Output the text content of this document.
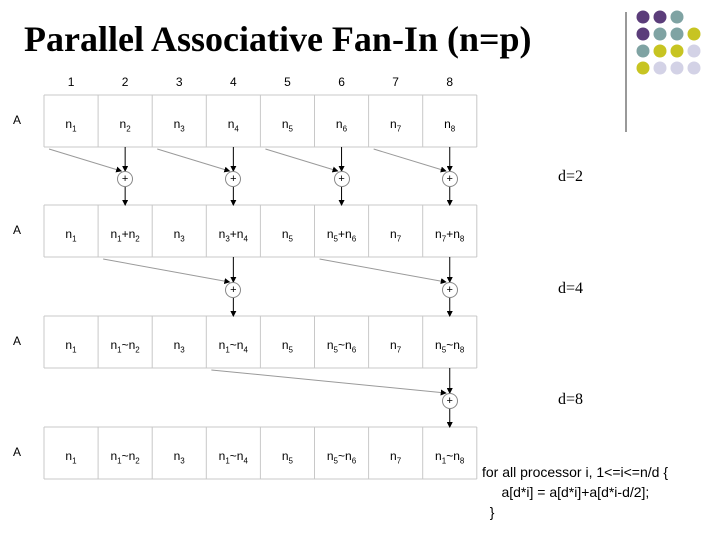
Parallel Associative Fan-In (n=p)
1	2	3	4	5	6	7	8
A	$n_1$	$n_2$	$n_3$	$n_4$	$n_5$	$n_6$	$n_7$	$n_8$
A	$n_1$	$n_1+n_2$	$n_3$	$n_3+n_4$	$n_5$	$n_5+n_6$	$n_7$	$n_7+n_8$
A	$n_1$	$n_1\sim n_2$	$n_3$	$n_1\sim n_4$	$n_5$	$n_5\sim n_6$	$n_7$	$n_5\sim n_8$
A	$n_1$	$n_1\sim n_2$	$n_3$	$n_1\sim n_4$	$n_5$	$n_5\sim n_6$	$n_7$	$n_1\sim n_8$
+	+	+	+	d=2
+	+	d=4
+	d=8
for all processor i, 1<=i<=n/d {
a[d*i] = a[d*i]+a[d*i-d/2];
}
